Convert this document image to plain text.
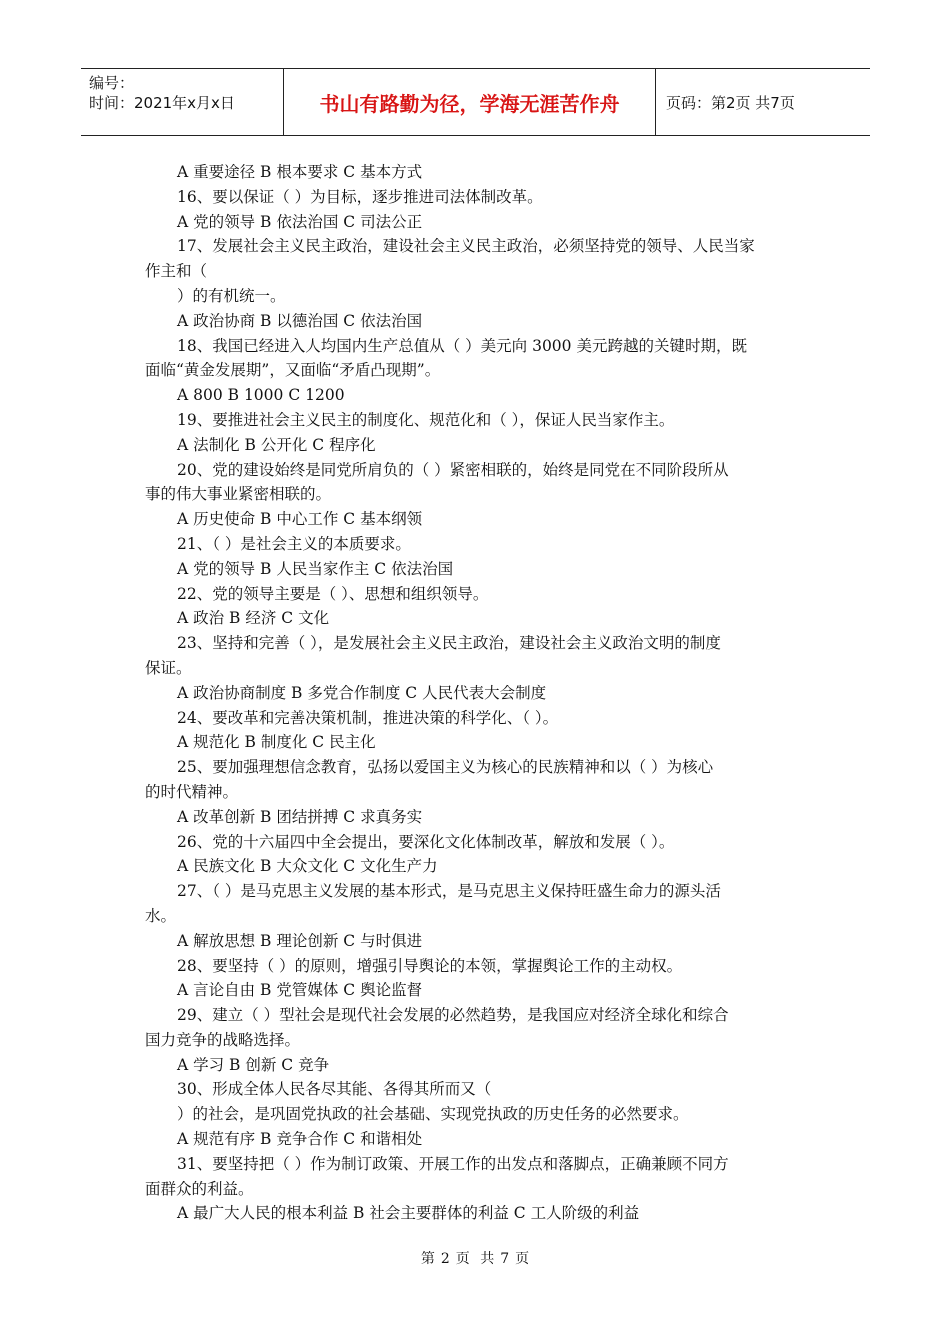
编号：
时间：2021年x月x日	书山有路勤为径，学海无涯苦作舟	页码：第2页 共7页
A 重要途径 B 根本要求 C 基本方式
16、要以保证（ ）为目标，逐步推进司法体制改革。
A 党的领导 B 依法治国 C 司法公正
17、发展社会主义民主政治，建设社会主义民主政治，必须坚持党的领导、人民当家
作主和（
）的有机统一。
A 政治协商 B 以德治国 C 依法治国
18、我国已经进入人均国内生产总值从（ ）美元向 3000 美元跨越的关键时期，既
面临“黄金发展期”，又面临“矛盾凸现期”。
A 800 B 1000 C 1200
19、要推进社会主义民主的制度化、规范化和（ ），保证人民当家作主。
A 法制化 B 公开化 C 程序化
20、党的建设始终是同党所肩负的（ ）紧密相联的，始终是同党在不同阶段所从
事的伟大事业紧密相联的。
A 历史使命 B 中心工作 C 基本纲领
21、（ ）是社会主义的本质要求。
A 党的领导 B 人民当家作主 C 依法治国
22、党的领导主要是（ ）、思想和组织领导。
A 政治 B 经济 C 文化
23、坚持和完善（ ），是发展社会主义民主政治，建设社会主义政治文明的制度
保证。
A 政治协商制度 B 多党合作制度 C 人民代表大会制度
24、要改革和完善决策机制，推进决策的科学化、（ ）。
A 规范化 B 制度化 C 民主化
25、要加强理想信念教育，弘扬以爱国主义为核心的民族精神和以（ ）为核心
的时代精神。
A 改革创新 B 团结拼搏 C 求真务实
26、党的十六届四中全会提出，要深化文化体制改革，解放和发展（ ）。
A 民族文化 B 大众文化 C 文化生产力
27、（ ）是马克思主义发展的基本形式，是马克思主义保持旺盛生命力的源头活
水。
A 解放思想 B 理论创新 C 与时俱进
28、要坚持（ ）的原则，增强引导舆论的本领，掌握舆论工作的主动权。
A 言论自由 B 党管媒体 C 舆论监督
29、建立（ ）型社会是现代社会发展的必然趋势，是我国应对经济全球化和综合
国力竞争的战略选择。
A 学习 B 创新 C 竞争
30、形成全体人民各尽其能、各得其所而又（
）的社会，是巩固党执政的社会基础、实现党执政的历史任务的必然要求。
A 规范有序 B 竞争合作 C 和谐相处
31、要坚持把（ ）作为制订政策、开展工作的出发点和落脚点，正确兼顾不同方
面群众的利益。
A 最广大人民的根本利益 B 社会主要群体的利益 C 工人阶级的利益
第 2 页 共 7 页
